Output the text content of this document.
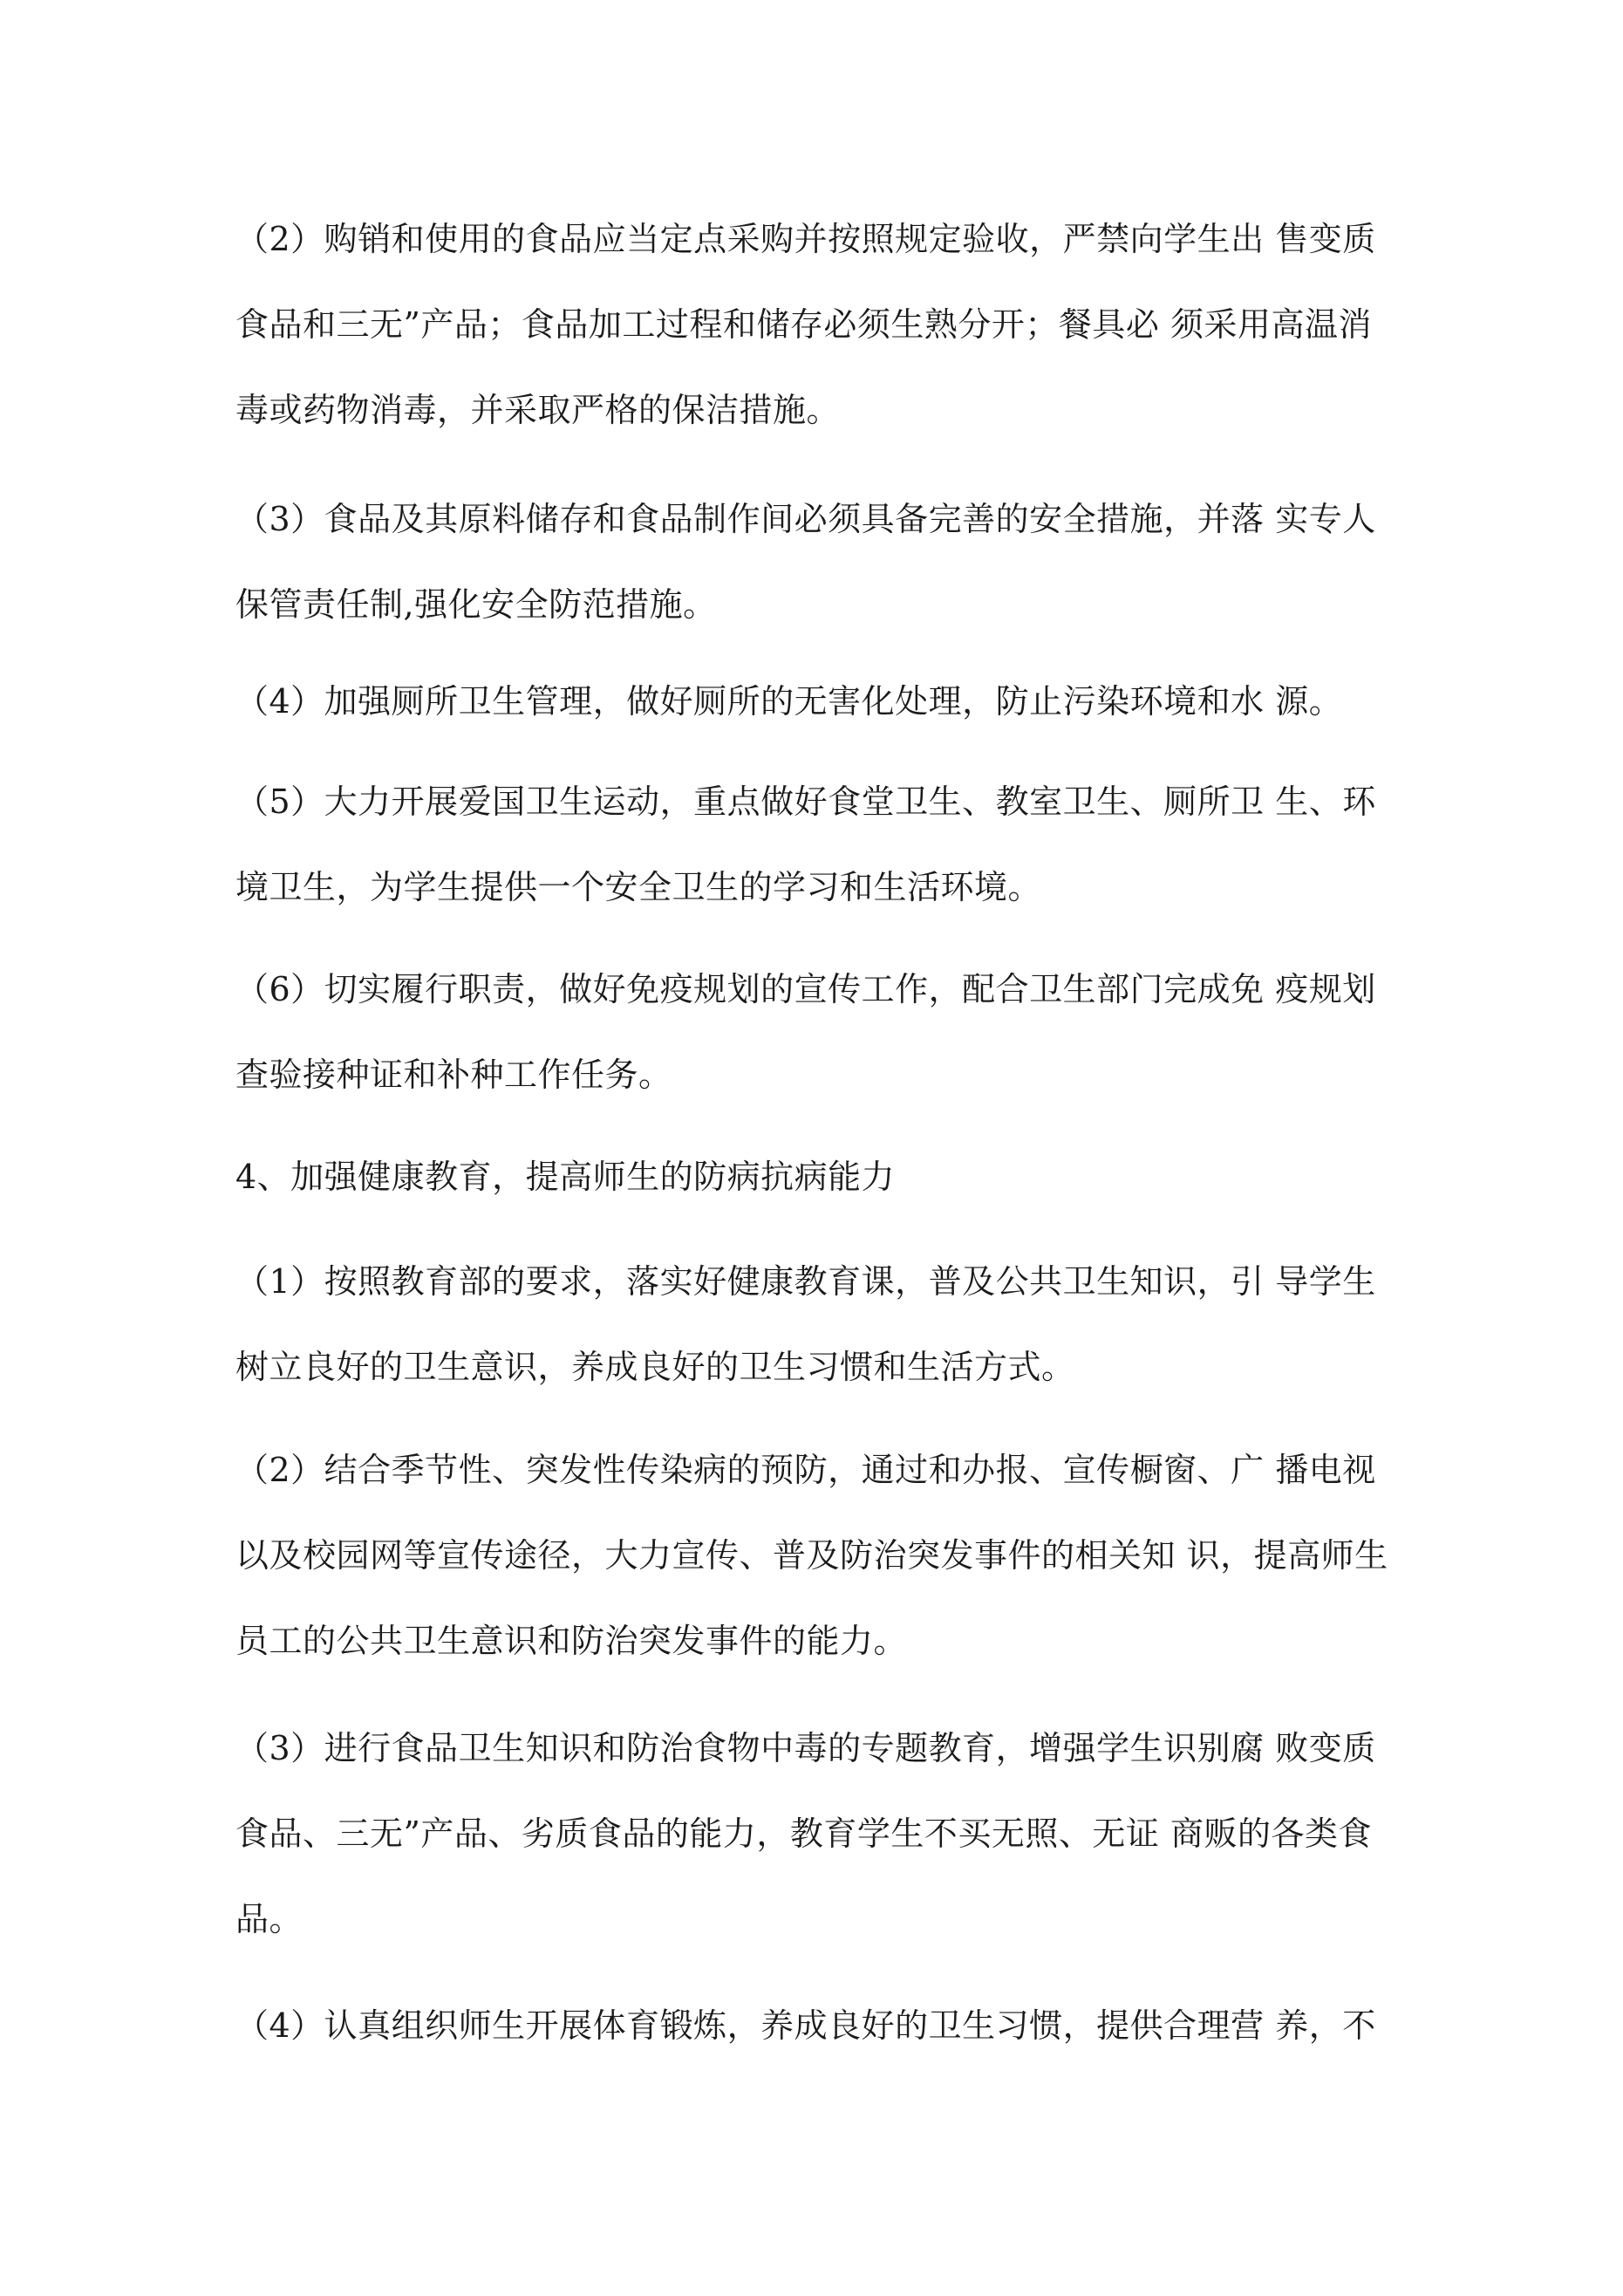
（2）购销和使用的食品应当定点采购并按照规定验收，严禁向学生出 售变质
食品和三无”产品；食品加工过程和储存必须生熟分开；餐具必 须采用高温消
毒或药物消毒，并采取严格的保洁措施。

（3）食品及其原料储存和食品制作间必须具备完善的安全措施，并落 实专人
保管责任制,强化安全防范措施。

（4）加强厕所卫生管理，做好厕所的无害化处理，防止污染环境和水 源。

（5）大力开展爱国卫生运动，重点做好食堂卫生、教室卫生、厕所卫 生、环
境卫生，为学生提供一个安全卫生的学习和生活环境。

（6）切实履行职责，做好免疫规划的宣传工作，配合卫生部门完成免 疫规划
查验接种证和补种工作任务。

4、加强健康教育，提高师生的防病抗病能力

（1）按照教育部的要求，落实好健康教育课，普及公共卫生知识，引 导学生
树立良好的卫生意识，养成良好的卫生习惯和生活方式。

（2）结合季节性、突发性传染病的预防，通过和办报、宣传橱窗、广 播电视
以及校园网等宣传途径，大力宣传、普及防治突发事件的相关知 识，提高师生
员工的公共卫生意识和防治突发事件的能力。

（3）进行食品卫生知识和防治食物中毒的专题教育，增强学生识别腐 败变质
食品、三无”产品、劣质食品的能力，教育学生不买无照、无证 商贩的各类食
品。

（4）认真组织师生开展体育锻炼，养成良好的卫生习惯，提供合理营 养，不
